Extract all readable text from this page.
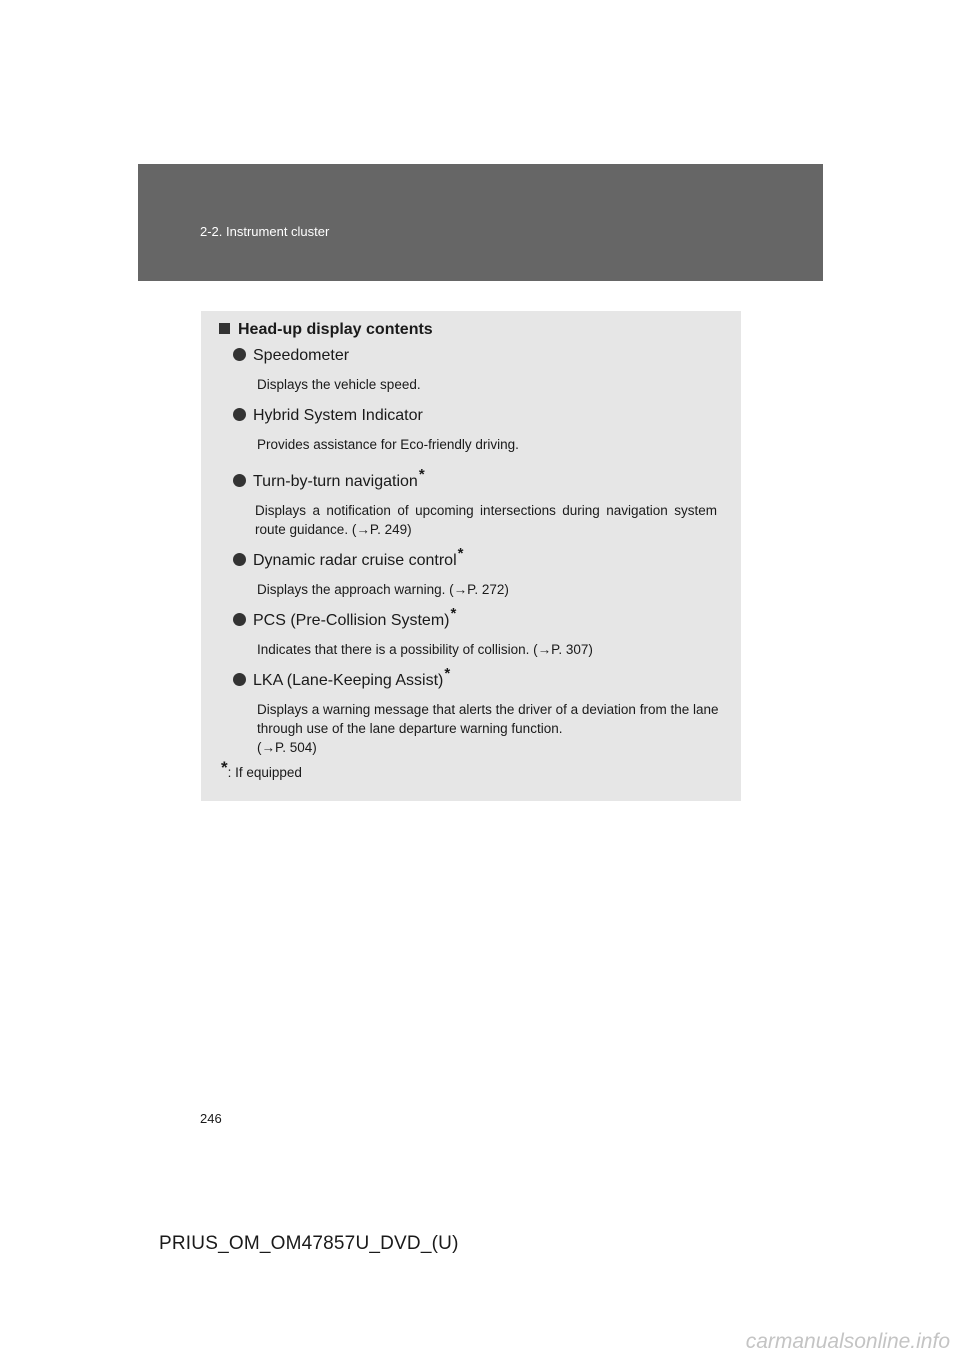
2-2. Instrument cluster
Head-up display contents
Speedometer
Displays the vehicle speed.
Hybrid System Indicator
Provides assistance for Eco-friendly driving.
Turn-by-turn navigation*
Displays a notification of upcoming intersections during navigation system route guidance. (→P. 249)
Dynamic radar cruise control*
Displays the approach warning. (→P. 272)
PCS (Pre-Collision System)*
Indicates that there is a possibility of collision. (→P. 307)
LKA (Lane-Keeping Assist)*
Displays a warning message that alerts the driver of a deviation from the lane through use of the lane departure warning function.
(→P. 504)
*: If equipped
246
PRIUS_OM_OM47857U_DVD_(U)
carmanualsonline.info
